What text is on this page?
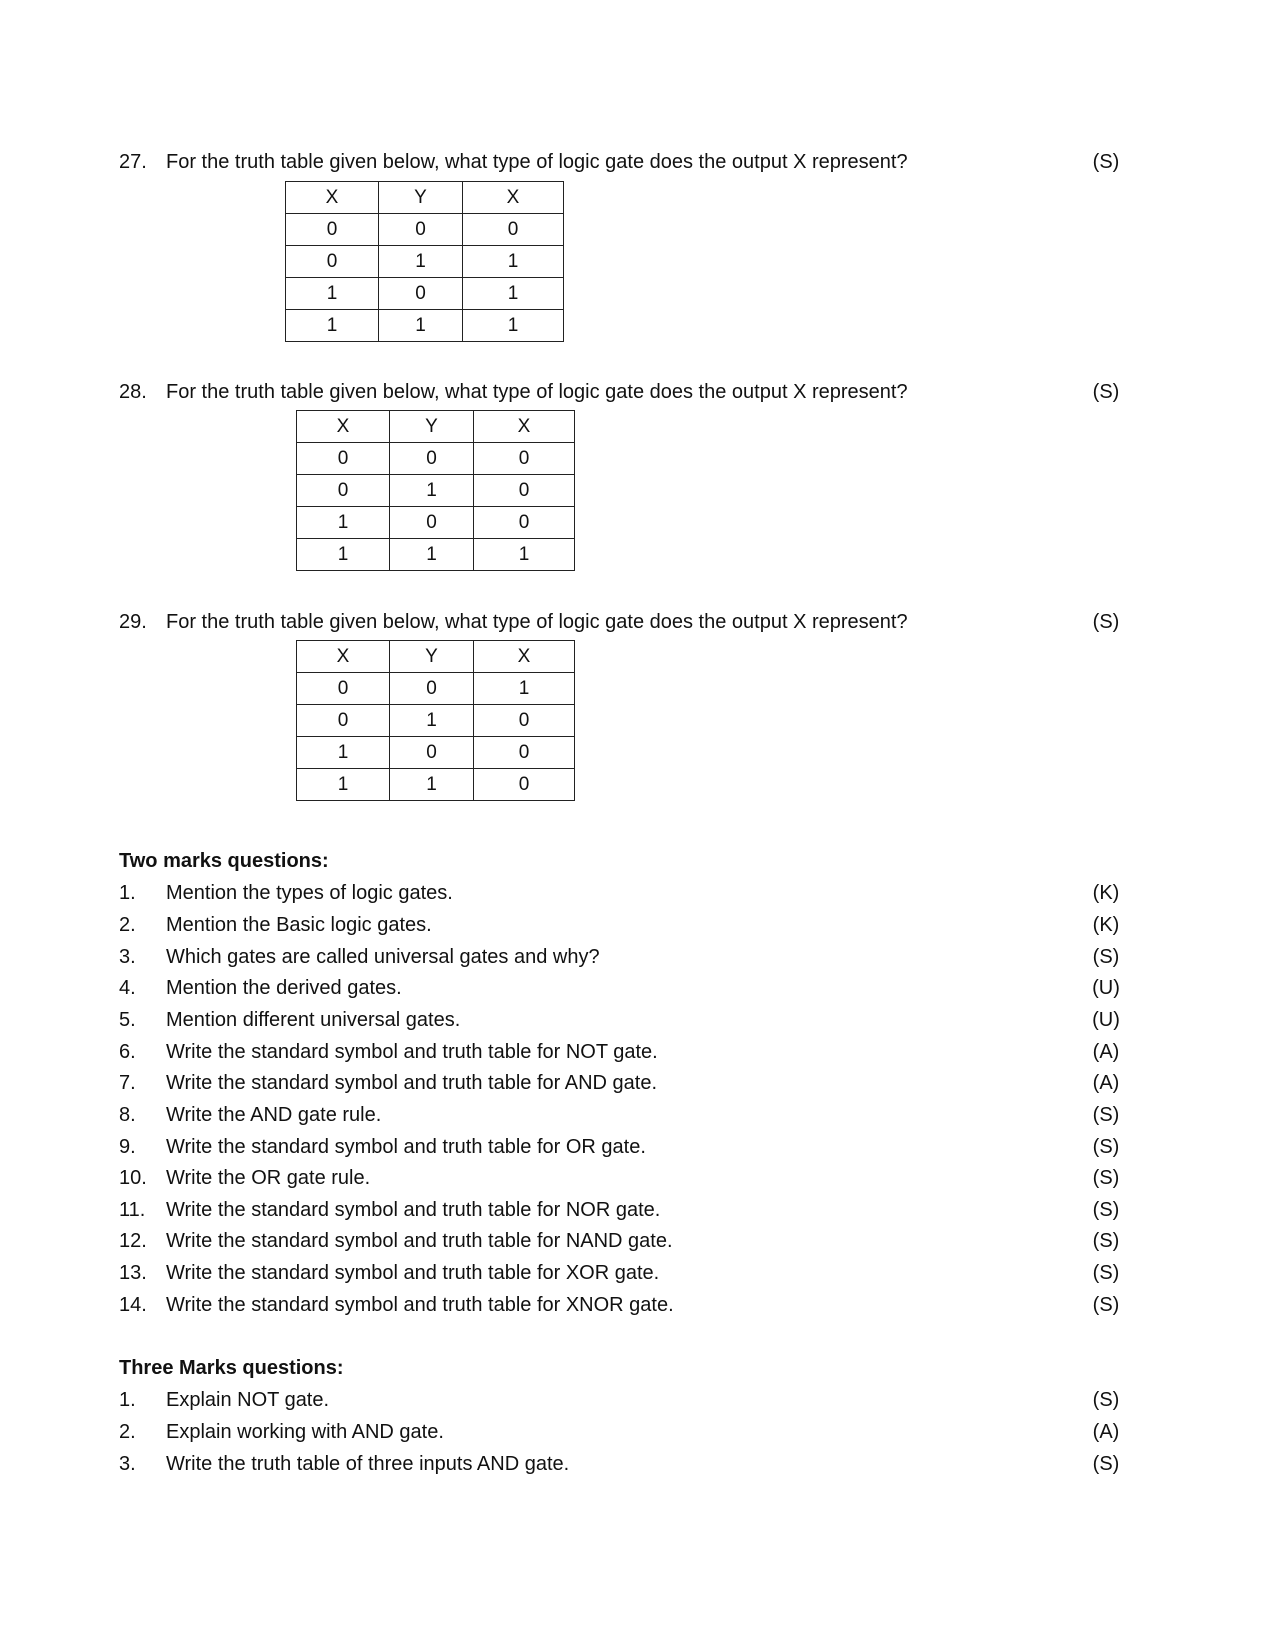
27. For the truth table given below, what type of logic gate does the output X represent?	(S)
X	Y	X
0	0	0
0	1	1
1	0	1
1	1	1
28. For the truth table given below, what type of logic gate does the output X represent?	(S)
X	Y	X
0	0	0
0	1	0
1	0	0
1	1	1
29. For the truth table given below, what type of logic gate does the output X represent?	(S)
X	Y	X
0	0	1
0	1	0
1	0	0
1	1	0
Two marks questions:
1.	Mention the types of logic gates.	(K)
2.	Mention the Basic logic gates.	(K)
3.	Which gates are called universal gates and why?	(S)
4.	Mention the derived gates.	(U)
5.	Mention different universal gates.	(U)
6.	Write the standard symbol and truth table for NOT gate.	(A)
7.	Write the standard symbol and truth table for AND gate.	(A)
8.	Write the AND gate rule.	(S)
9.	Write the standard symbol and truth table for OR gate.	(S)
10. Write the OR gate rule.	(S)
11.	Write the standard symbol and truth table for NOR gate.	(S)
12. Write the standard symbol and truth table for NAND gate.	(S)
13. Write the standard symbol and truth table for XOR gate.	(S)
14. Write the standard symbol and truth table for XNOR gate.	(S)
Three Marks questions:
1.	Explain NOT gate.	(S)
2.	Explain working with AND gate.	(A)
3.	Write the truth table of three inputs AND gate.	(S)
